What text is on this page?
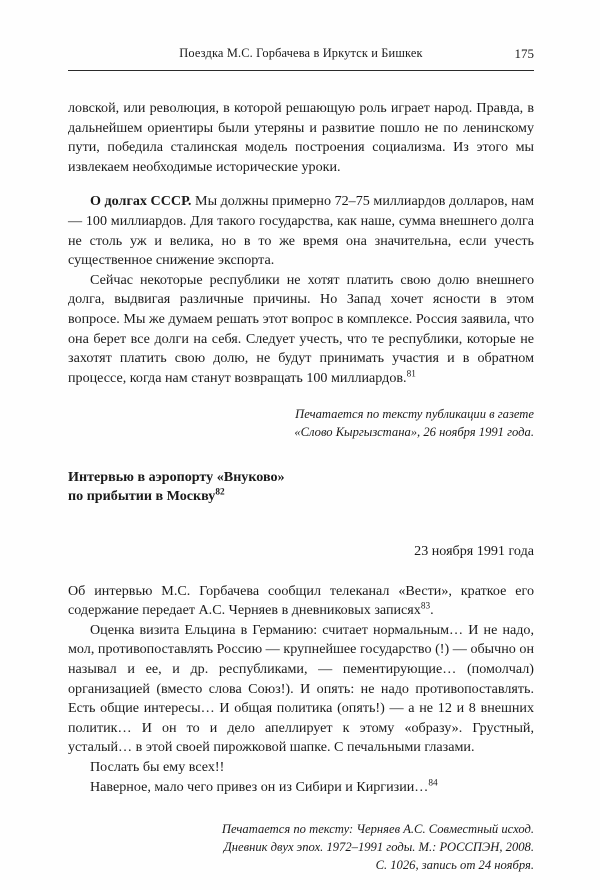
Поездка М.С. Горбачева в Иркутск и Бишкек	175

ловской, или революция, в которой решающую роль играет народ. Правда, в дальнейшем ориентиры были утеряны и развитие пошло не по ленинскому пути, победила сталинская модель построения социализма. Из этого мы извлекаем необходимые исторические уроки.

О долгах СССР. Мы должны примерно 72–75 миллиардов долларов, нам — 100 миллиардов. Для такого государства, как наше, сумма внешнего долга не столь уж и велика, но в то же время она значительна, если учесть существенное снижение экспорта.

Сейчас некоторые республики не хотят платить свою долю внешнего долга, выдвигая различные причины. Но Запад хочет ясности в этом вопросе. Мы же думаем решать этот вопрос в комплексе. Россия заявила, что она берет все долги на себя. Следует учесть, что те республики, которые не захотят платить свою долю, не будут принимать участия и в обратном процессе, когда нам станут возвращать 100 миллиардов.$^{81}$

Печатается по тексту публикации в газете
«Слово Кыргызстана», 26 ноября 1991 года.
Интервью в аэропорту «Внуково»
по прибытии в Москву$^{82}$
23 ноября 1991 года

Об интервью М.С. Горбачева сообщил телеканал «Вести», краткое его содержание передает А.С. Черняев в дневниковых записях$^{83}$.

Оценка визита Ельцина в Германию: считает нормальным… И не надо, мол, противопоставлять Россию — крупнейшее государство (!) — обычно он называл и ее, и др. республиками, — пементирующие… (помолчал) организацией (вместо слова Союз!). И опять: не надо противопоставлять. Есть общие интересы… И общая политика (опять!) — а не 12 и 8 внешних политик… И он то и дело апеллирует к этому «образу». Грустный, усталый… в этой своей пирожковой шапке. С печальными глазами.

Послать бы ему всех!!

Наверное, мало чего привез он из Сибири и Киргизии…$^{84}$

Печатается по тексту: Черняев А.С. Совместный исход.
Дневник двух эпох. 1972–1991 годы. М.: РОССПЭН, 2008.
С. 1026, запись от 24 ноября.
